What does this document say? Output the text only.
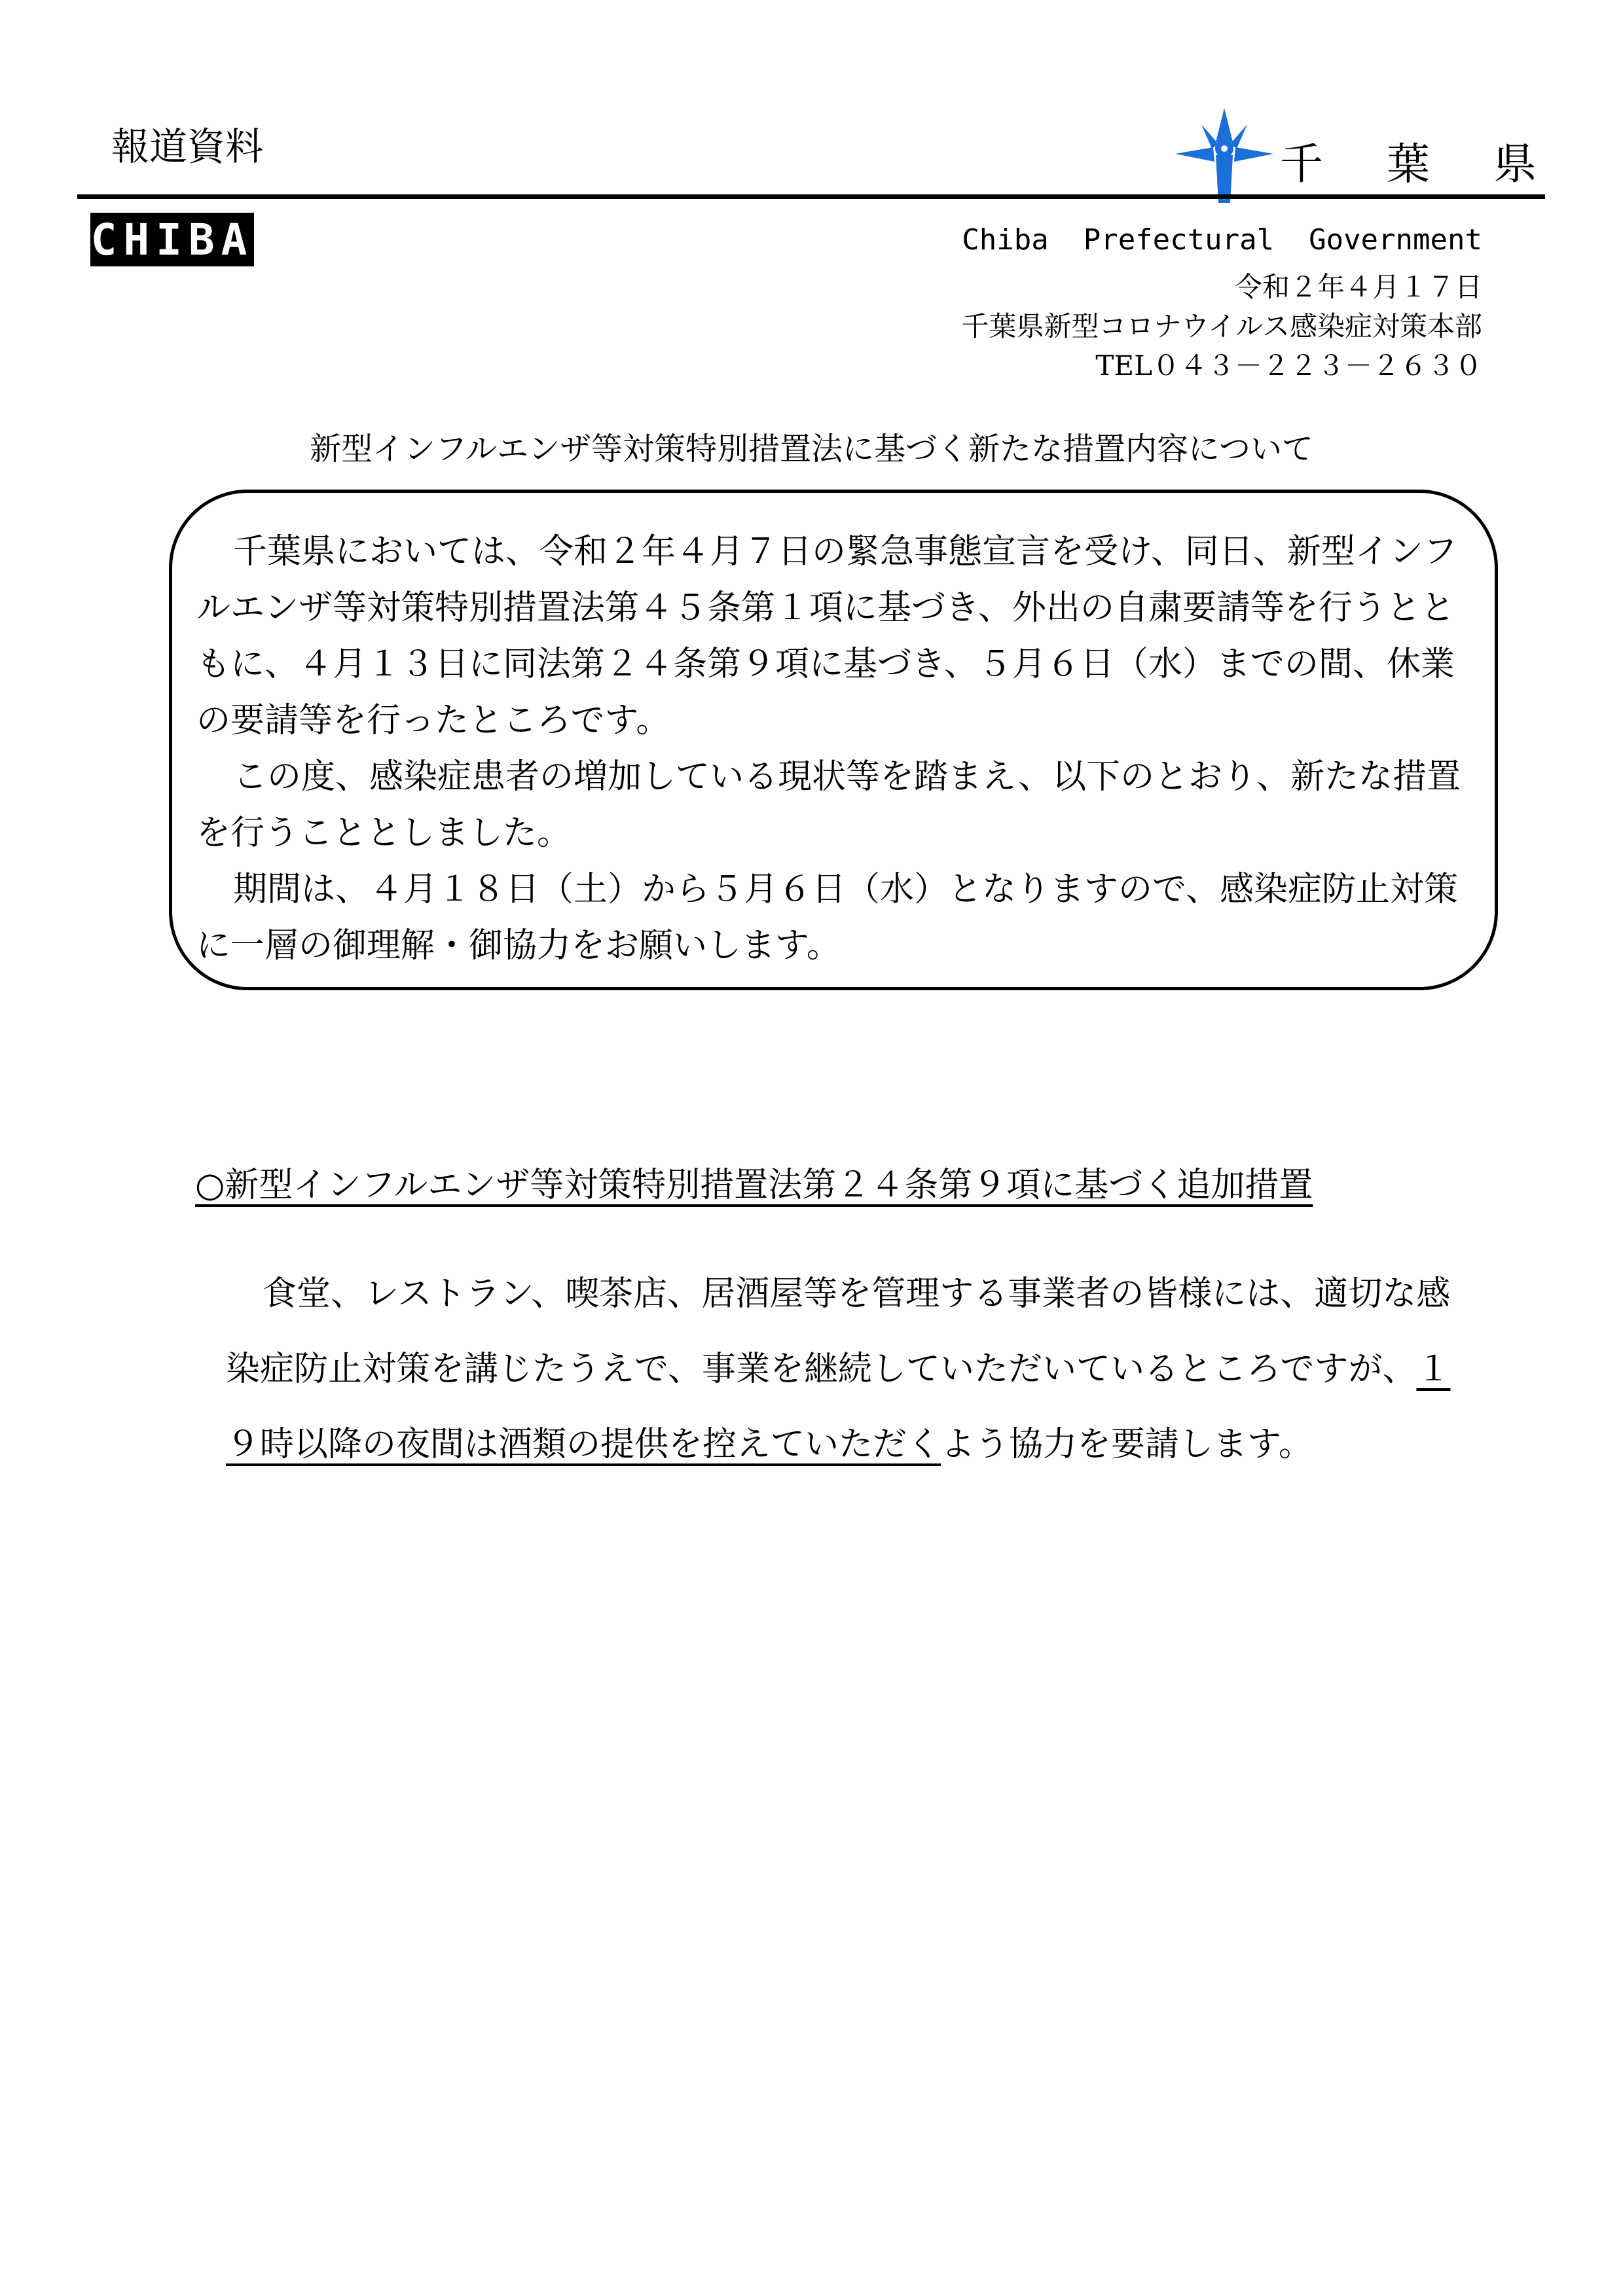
報道資料	千 葉 県
CHIBA	Chiba  Prefectural  Government
令和２年４月１７日
千葉県新型コロナウイルス感染症対策本部
TEL０４３－２２３－２６３０
新型インフルエンザ等対策特別措置法に基づく新たな措置内容について

千葉県においては、令和２年４月７日の緊急事態宣言を受け、同日、新型インフルエンザ等対策特別措置法第４５条第１項に基づき、外出の自粛要請等を行うとともに、４月１３日に同法第２４条第９項に基づき、５月６日（水）までの間、休業の要請等を行ったところです。

この度、感染症患者の増加している現状等を踏まえ、以下のとおり、新たな措置を行うこととしました。

期間は、４月１８日（土）から５月６日（水）となりますので、感染症防止対策に一層の御理解・御協力をお願いします。

○新型インフルエンザ等対策特別措置法第２４条第９項に基づく追加措置

食堂、レストラン、喫茶店、居酒屋等を管理する事業者の皆様には、適切な感染症防止対策を講じたうえで、事業を継続していただいているところですが、１９時以降の夜間は酒類の提供を控えていただくよう協力を要請します。
